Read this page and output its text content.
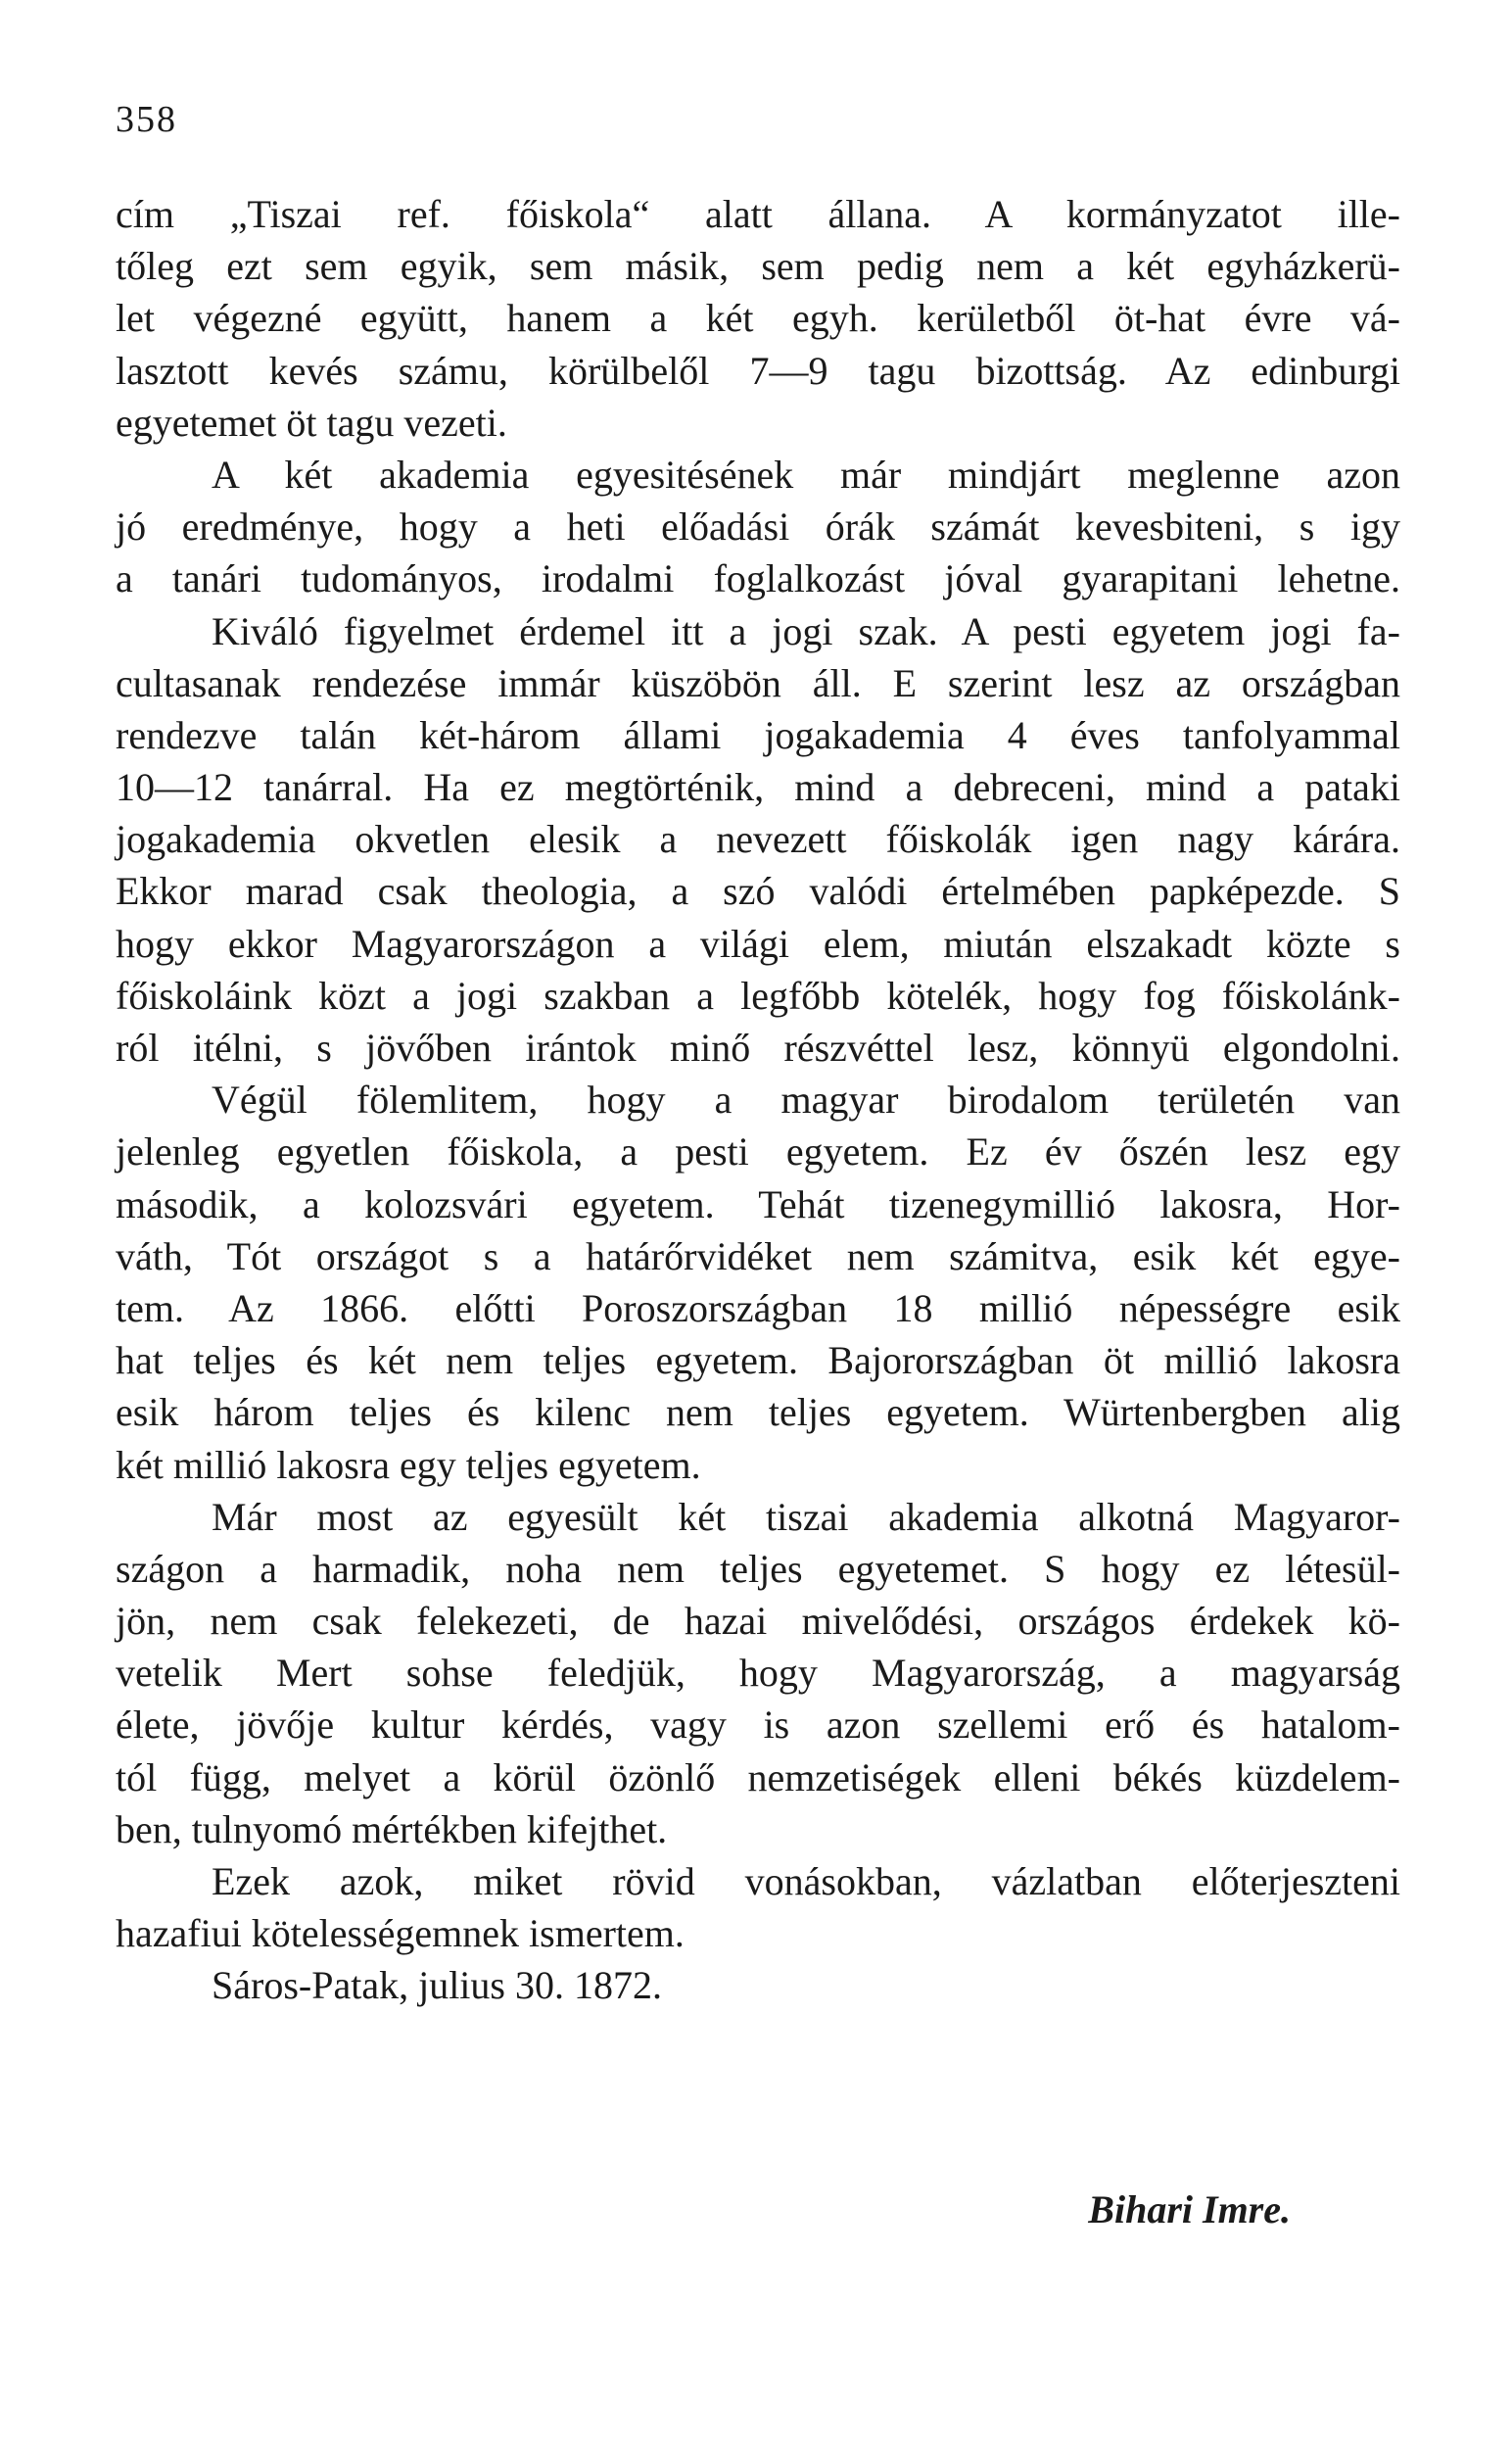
358
cím „Tiszai ref. főiskola“ alatt állana. A kormányzatot ille-
tőleg ezt sem egyik, sem másik, sem pedig nem a két egyházkerü-
let végezné együtt, hanem a két egyh. kerületből öt-hat évre vá-
lasztott kevés számu, körülbelől 7—9 tagu bizottság. Az edinburgi
egyetemet öt tagu vezeti.
A két akademia egyesitésének már mindjárt meglenne azon
jó eredménye, hogy a heti előadási órák számát kevesbiteni, s igy
a tanári tudományos, irodalmi foglalkozást jóval gyarapitani lehetne.
Kiváló figyelmet érdemel itt a jogi szak. A pesti egyetem jogi fa-
cultasanak rendezése immár küszöbön áll. E szerint lesz az országban
rendezve talán két-három állami jogakademia 4 éves tanfolyammal
10—12 tanárral. Ha ez megtörténik, mind a debreceni, mind a pataki
jogakademia okvetlen elesik a nevezett főiskolák igen nagy kárára.
Ekkor marad csak theologia, a szó valódi értelmében papképezde. S
hogy ekkor Magyarországon a világi elem, miután elszakadt közte s
főiskoláink közt a jogi szakban a legfőbb kötelék, hogy fog főiskolánk-
ról itélni, s jövőben irántok minő részvéttel lesz, könnyü elgondolni.
Végül fölemlitem, hogy a magyar birodalom területén van
jelenleg egyetlen főiskola, a pesti egyetem. Ez év őszén lesz egy
második, a kolozsvári egyetem. Tehát tizenegymillió lakosra, Hor-
váth, Tót országot s a határőrvidéket nem számitva, esik két egye-
tem. Az 1866. előtti Poroszországban 18 millió népességre esik
hat teljes és két nem teljes egyetem. Bajorországban öt millió lakosra
esik három teljes és kilenc nem teljes egyetem. Würtenbergben alig
két millió lakosra egy teljes egyetem.
Már most az egyesült két tiszai akademia alkotná Magyaror-
szágon a harmadik, noha nem teljes egyetemet. S hogy ez létesül-
jön, nem csak felekezeti, de hazai mivelődési, országos érdekek kö-
vetelik Mert sohse feledjük, hogy Magyarország, a magyarság
élete, jövője kultur kérdés, vagy is azon szellemi erő és hatalom-
tól függ, melyet a körül özönlő nemzetiségek elleni békés küzdelem-
ben, tulnyomó mértékben kifejthet.
Ezek azok, miket rövid vonásokban, vázlatban előterjeszteni
hazafiui kötelességemnek ismertem.
Sáros-Patak, julius 30. 1872.
Bihari Imre.
